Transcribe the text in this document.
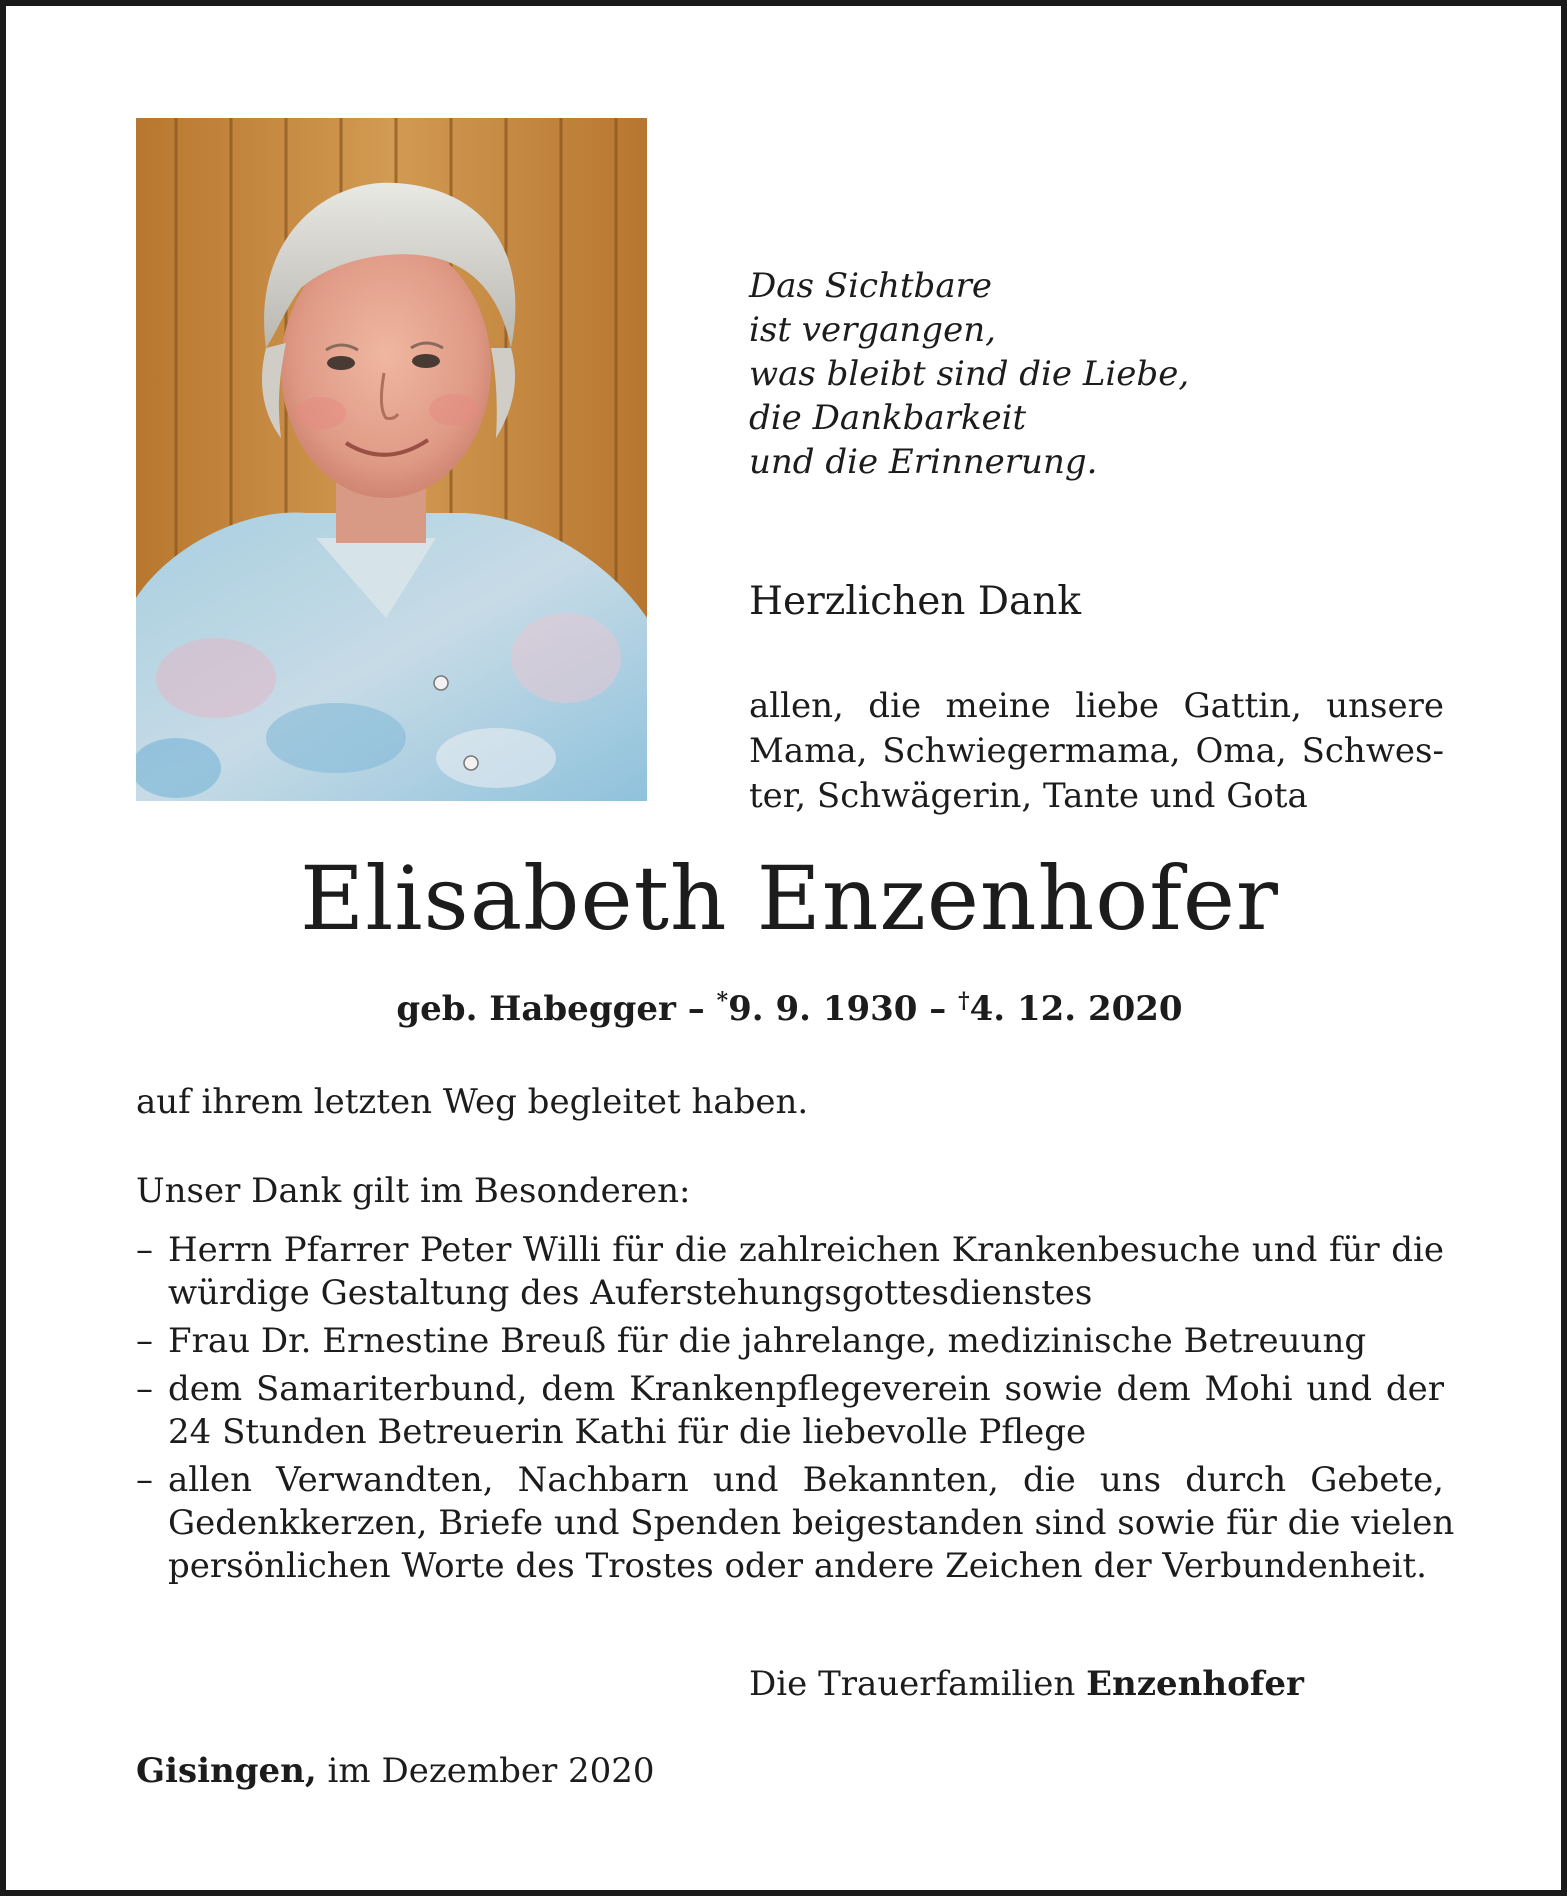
Das Sichtbare
ist vergangen,
was bleibt sind die Liebe,
die Dankbarkeit
und die Erinnerung.
Herzlichen Dank
allen, die meine liebe Gattin, unsere
Mama, Schwiegermama, Oma, Schwes-
ter, Schwägerin, Tante und Gota
Elisabeth Enzenhofer
geb. Habegger – *9. 9. 1930 – †4. 12. 2020
auf ihrem letzten Weg begleitet haben.
Unser Dank gilt im Besonderen:
– Herrn Pfarrer Peter Willi für die zahlreichen Krankenbesuche und für die
würdige Gestaltung des Auferstehungsgottesdienstes
– Frau Dr. Ernestine Breuß für die jahrelange, medizinische Betreuung
– dem Samariterbund, dem Krankenpflegeverein sowie dem Mohi und der
24 Stunden Betreuerin Kathi für die liebevolle Pflege
– allen Verwandten, Nachbarn und Bekannten, die uns durch Gebete,
Gedenkkerzen, Briefe und Spenden beigestanden sind sowie für die vielen
persönlichen Worte des Trostes oder andere Zeichen der Verbundenheit.
Die Trauerfamilien Enzenhofer
Gisingen, im Dezember 2020
